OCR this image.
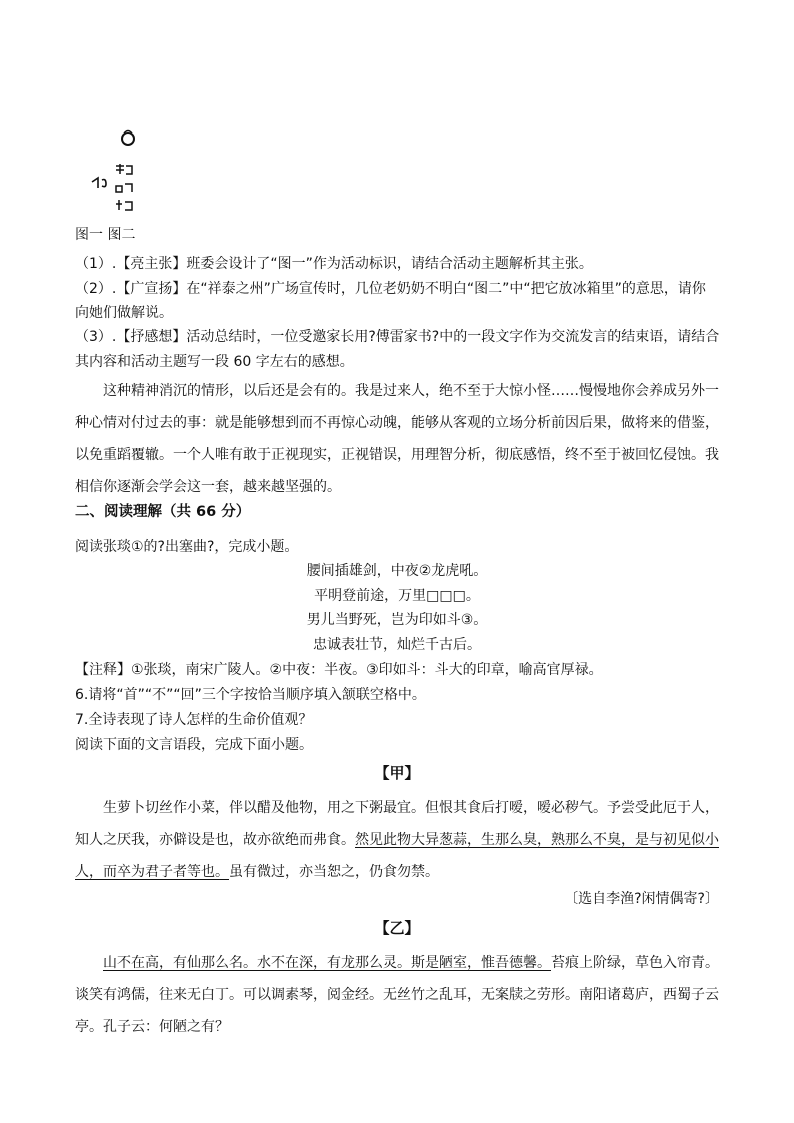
图一 图二
（1）.【亮主张】班委会设计了“图一”作为活动标识，请结合活动主题解析其主张。
（2）.【广宣扬】在“祥泰之州”广场宣传时，几位老奶奶不明白“图二”中“把它放冰箱里”的意思，请你
向她们做解说。
（3）.【抒感想】活动总结时，一位受邀家长用?傅雷家书?中的一段文字作为交流发言的结束语，请结合
其内容和活动主题写一段 60 字左右的感想。
这种精神消沉的情形，以后还是会有的。我是过来人，绝不至于大惊小怪……慢慢地你会养成另外一种心情对付过去的事：就是能够想到而不再惊心动魄，能够从客观的立场分析前因后果，做将来的借鉴，以免重蹈覆辙。一个人唯有敢于正视现实，正视错误，用理智分析，彻底感悟，终不至于被回忆侵蚀。我相信你逐渐会学会这一套，越来越坚强的。
二、阅读理解（共 66 分）
阅读张琰①的?出塞曲?，完成小题。
腰间插雄剑，中夜②龙虎吼。
平明登前途，万里□□□。
男儿当野死，岂为印如斗③。
忠诚表壮节，灿烂千古后。
【注释】①张琰，南宋广陵人。②中夜：半夜。③印如斗：斗大的印章，喻高官厚禄。
6.请将“首”“不”“回”三个字按恰当顺序填入颔联空格中。
7.全诗表现了诗人怎样的生命价值观？
阅读下面的文言语段，完成下面小题。
【甲】
生萝卜切丝作小菜，伴以醋及他物，用之下粥最宜。但恨其食后打嗳，嗳必秽气。予尝受此厄于人，知人之厌我，亦僻设是也，故亦欲绝而弗食。然见此物大异葱蒜，生那么臭，熟那么不臭，是与初见似小人，而卒为君子者等也。虽有微过，亦当恕之，仍食勿禁。
〔选自李渔?闲情偶寄?〕
【乙】
山不在高，有仙那么名。水不在深，有龙那么灵。斯是陋室，惟吾德馨。苔痕上阶绿，草色入帘青。谈笑有鸿儒，往来无白丁。可以调素琴，阅金经。无丝竹之乱耳，无案牍之劳形。南阳诸葛庐，西蜀子云亭。孔子云：何陋之有？
